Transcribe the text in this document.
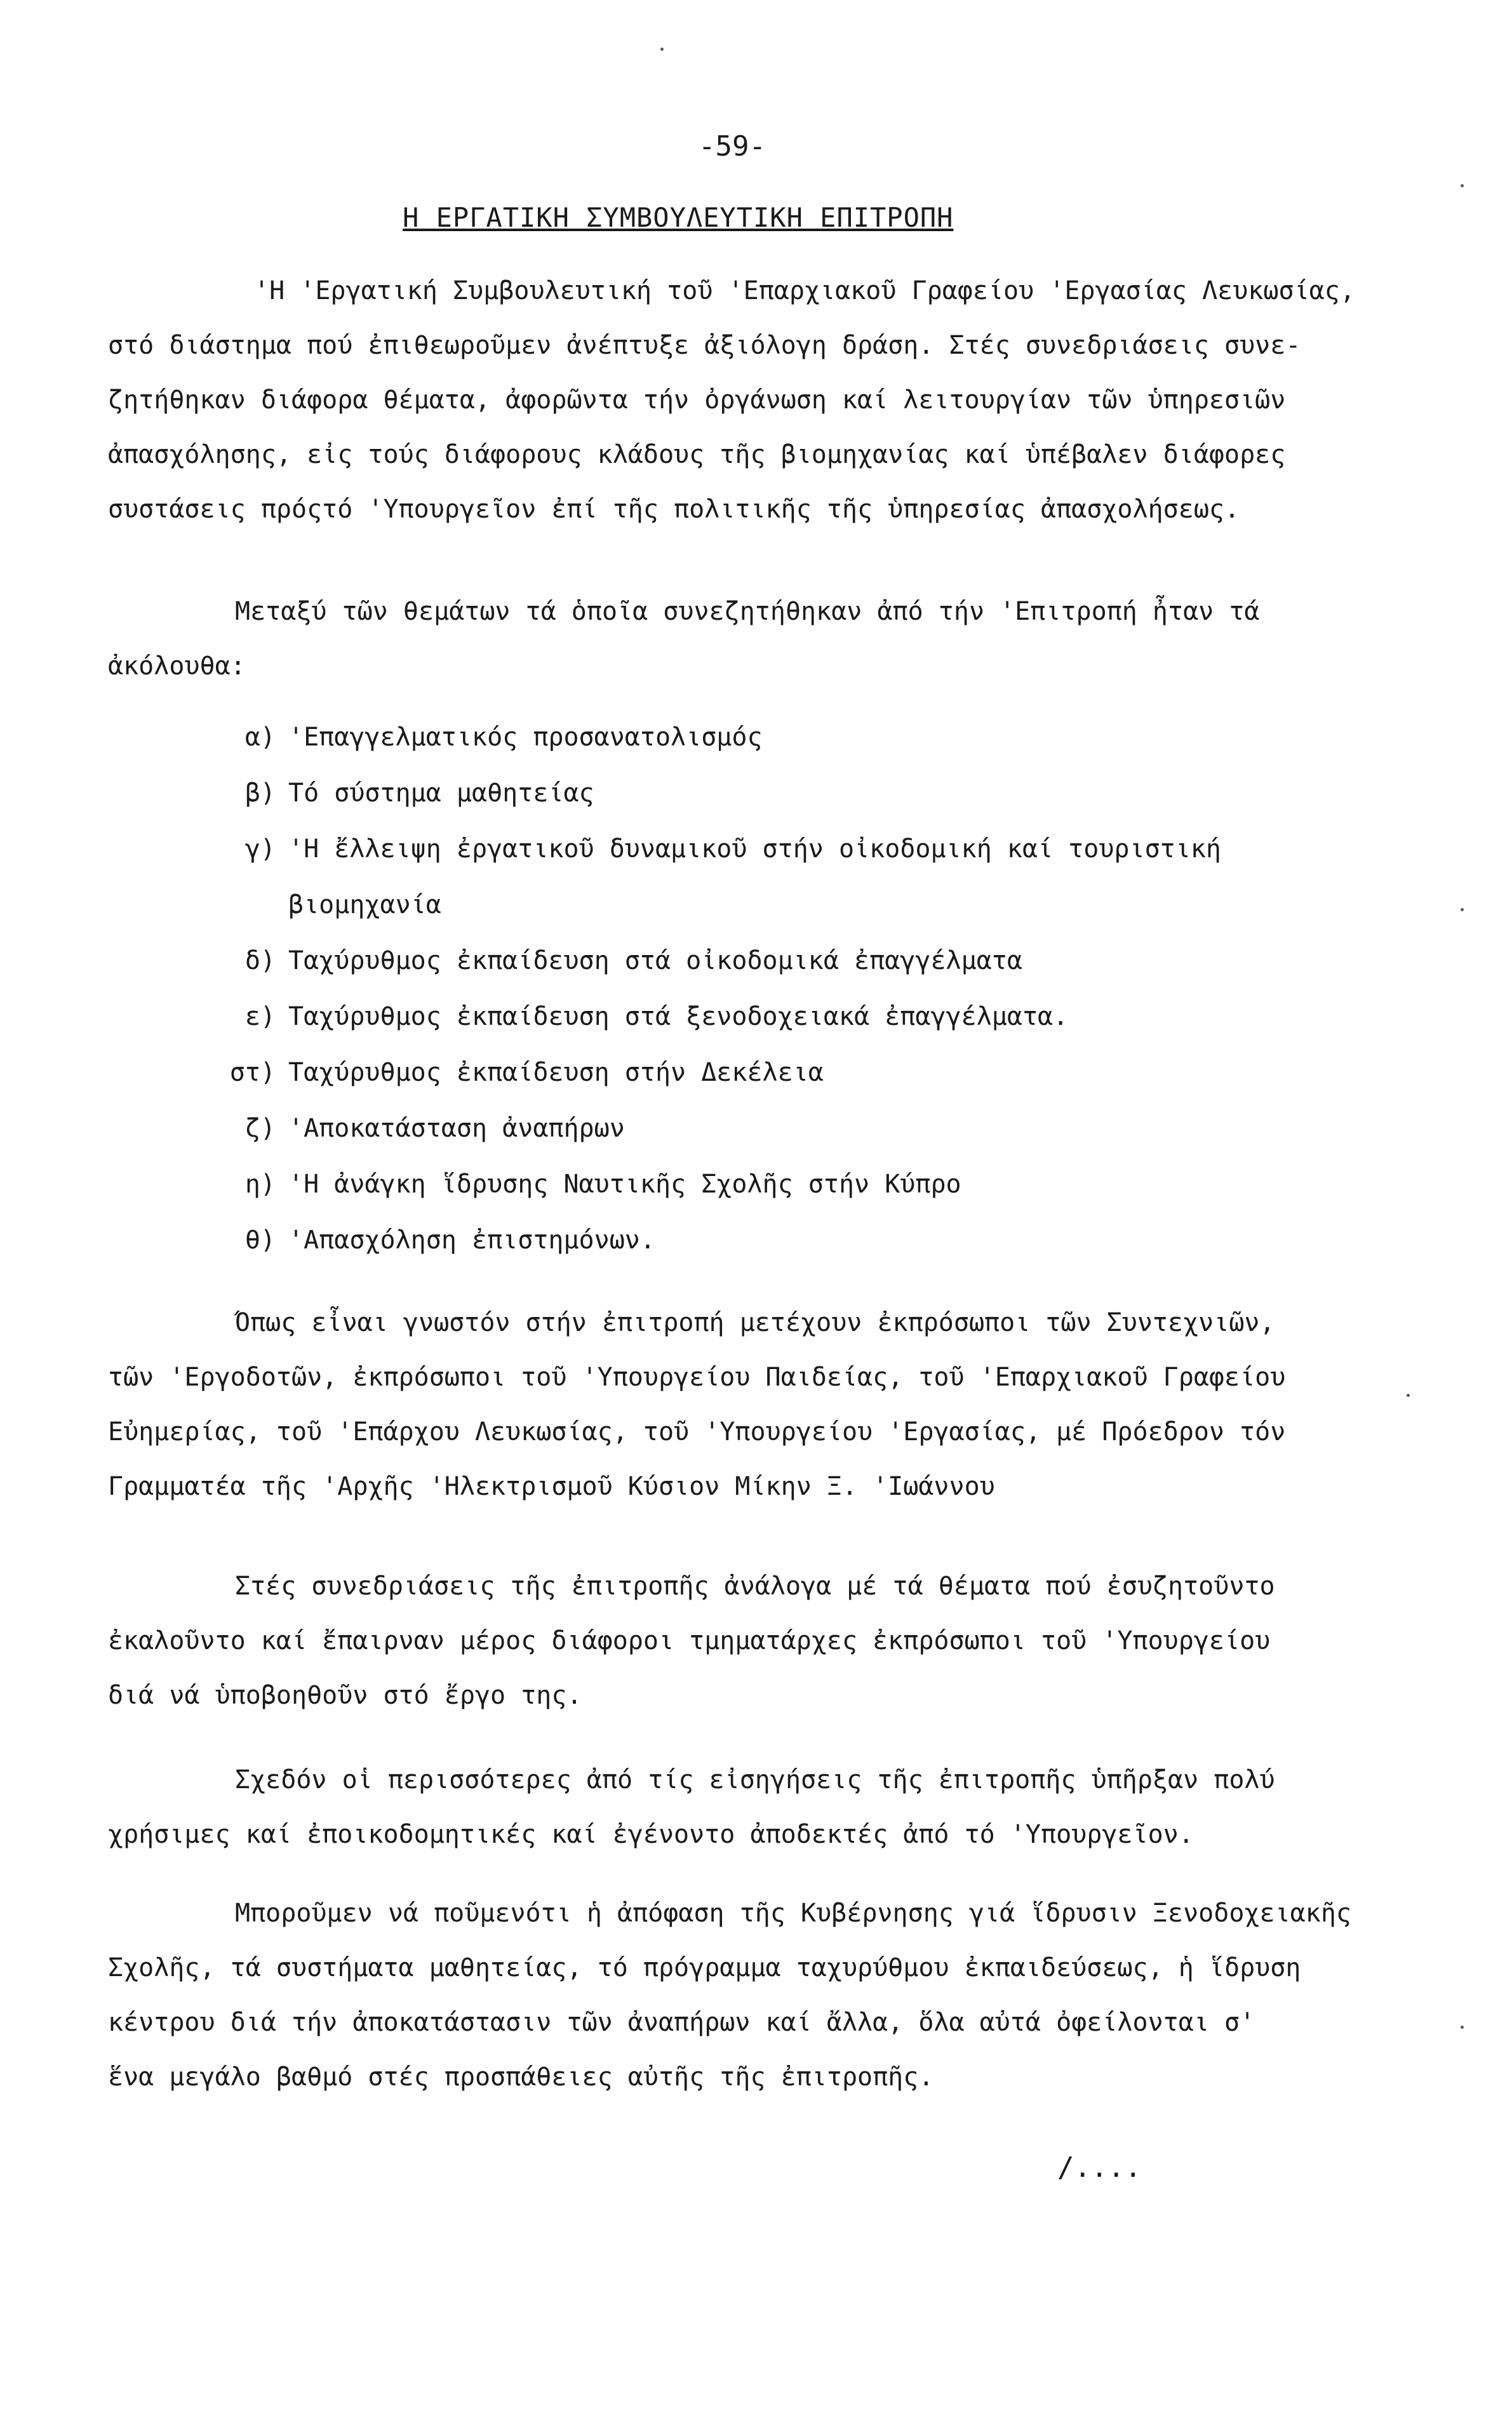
-59-
Η ΕΡΓΑΤΙΚΗ ΣΥΜΒΟΥΛΕΥΤΙΚΗ ΕΠΙΤΡΟΠΗ
'Η 'Εργατική Συμβουλευτική τοῦ 'Επαρχιακοῦ Γραφείου 'Εργασίας Λευκωσίας,
στό διάστημα πού ἐπιθεωροῦμεν ἀνέπτυξε ἀξιόλογη δράση. Στές συνεδριάσεις συνε-
ζητήθηκαν διάφορα θέματα, ἀφορῶντα τήν ὀργάνωση καί λειτουργίαν τῶν ὑπηρεσιῶν
ἀπασχόλησης, εἰς τούς διάφορους κλάδους τῆς βιομηχανίας καί ὑπέβαλεν διάφορες
συστάσεις πρόςτό 'Υπουργεῖον ἐπί τῆς πολιτικῆς τῆς ὑπηρεσίας ἀπασχολήσεως.
Μεταξύ τῶν θεμάτων τά ὁποῖα συνεζητήθηκαν ἀπό τήν 'Επιτροπή ἦταν τά
ἀκόλουθα:
α) 'Επαγγελματικός προσανατολισμός
β) Τό σύστημα μαθητείας
γ) 'Η ἔλλειψη ἐργατικοῦ δυναμικοῦ στήν οἰκοδομική καί τουριστική
βιομηχανία
δ) Ταχύρυθμος ἐκπαίδευση στά οἰκοδομικά ἐπαγγέλματα
ε) Ταχύρυθμος ἐκπαίδευση στά ξενοδοχειακά ἐπαγγέλματα.
στ) Ταχύρυθμος ἐκπαίδευση στήν Δεκέλεια
ζ) 'Αποκατάσταση ἀναπήρων
η) 'Η ἀνάγκη ἵδρυσης Ναυτικῆς Σχολῆς στήν Κύπρο
θ) 'Απασχόληση ἐπιστημόνων.
Όπως εἶναι γνωστόν στήν ἐπιτροπή μετέχουν ἐκπρόσωποι τῶν Συντεχνιῶν,
τῶν 'Εργοδοτῶν, ἐκπρόσωποι τοῦ 'Υπουργείου Παιδείας, τοῦ 'Επαρχιακοῦ Γραφείου
Εὐημερίας, τοῦ 'Επάρχου Λευκωσίας, τοῦ 'Υπουργείου 'Εργασίας, μέ Πρόεδρον τόν
Γραμματέα τῆς 'Αρχῆς 'Ηλεκτρισμοῦ Κύσιον Μίκην Ξ. 'Ιωάννου
Στές συνεδριάσεις τῆς ἐπιτροπῆς ἀνάλογα μέ τά θέματα πού ἐσυζητοῦντο
ἐκαλοῦντο καί ἔπαιρναν μέρος διάφοροι τμηματάρχες ἐκπρόσωποι τοῦ 'Υπουργείου
διά νά ὑποβοηθοῦν στό ἔργο της.
Σχεδόν οἱ περισσότερες ἀπό τίς εἰσηγήσεις τῆς ἐπιτροπῆς ὑπῆρξαν πολύ
χρήσιμες καί ἐποικοδομητικές καί ἐγένοντο ἀποδεκτές ἀπό τό 'Υπουργεῖον.
Μποροῦμεν νά ποῦμενότι ἡ ἀπόφαση τῆς Κυβέρνησης γιά ἵδρυσιν Ξενοδοχειακῆς
Σχολῆς, τά συστήματα μαθητείας, τό πρόγραμμα ταχυρύθμου ἐκπαιδεύσεως, ἡ ἵδρυση
κέντρου διά τήν ἀποκατάστασιν τῶν ἀναπήρων καί ἄλλα, ὅλα αὐτά ὀφείλονται σ'
ἕνα μεγάλο βαθμό στές προσπάθειες αὐτῆς τῆς ἐπιτροπῆς.
/....
